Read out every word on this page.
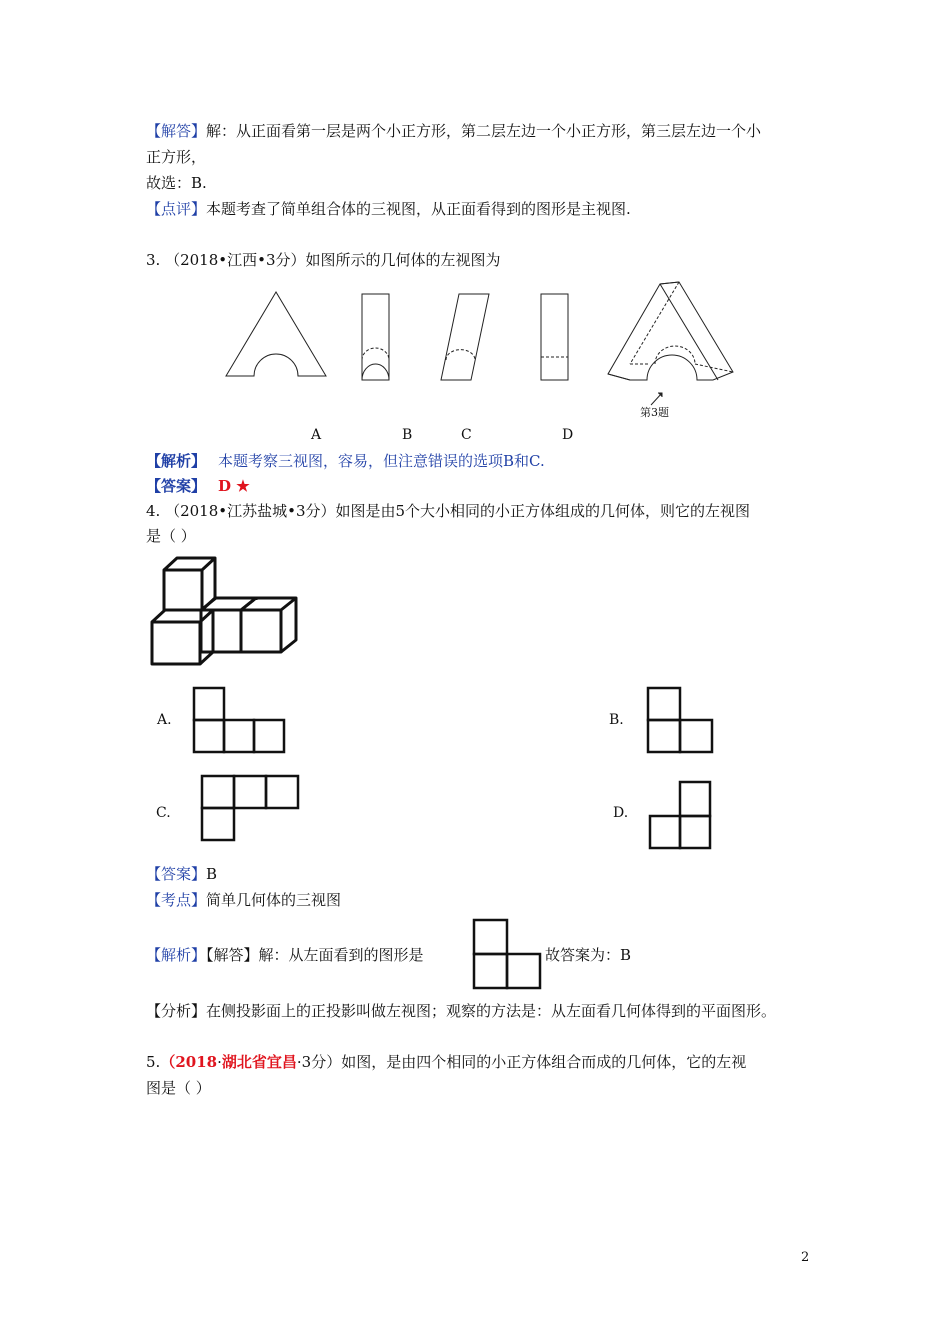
【解答】解：从正面看第一层是两个小正方形，第二层左边一个小正方形，第三层左边一个小
正方形，
故选：B.
【点评】本题考查了简单组合体的三视图，从正面看得到的图形是主视图.
3. （2018•江西•3分）如图所示的几何体的左视图为
第3题
A	B	C	D
【解析】 本题考察三视图，容易，但注意错误的选项B和C.
【答案】 D ★
4. （2018•江苏盐城•3分）如图是由5个大小相同的小正方体组成的几何体，则它的左视图
是（ ）
A.	B.
C.	D.
【答案】B
【考点】简单几何体的三视图
【解析】【解答】解：从左面看到的图形是	故答案为：B
【分析】在侧投影面上的正投影叫做左视图；观察的方法是：从左面看几何体得到的平面图形。
5.（2018·湖北省宜昌·3分）如图，是由四个相同的小正方体组合而成的几何体，它的左视
图是（ ）
2
